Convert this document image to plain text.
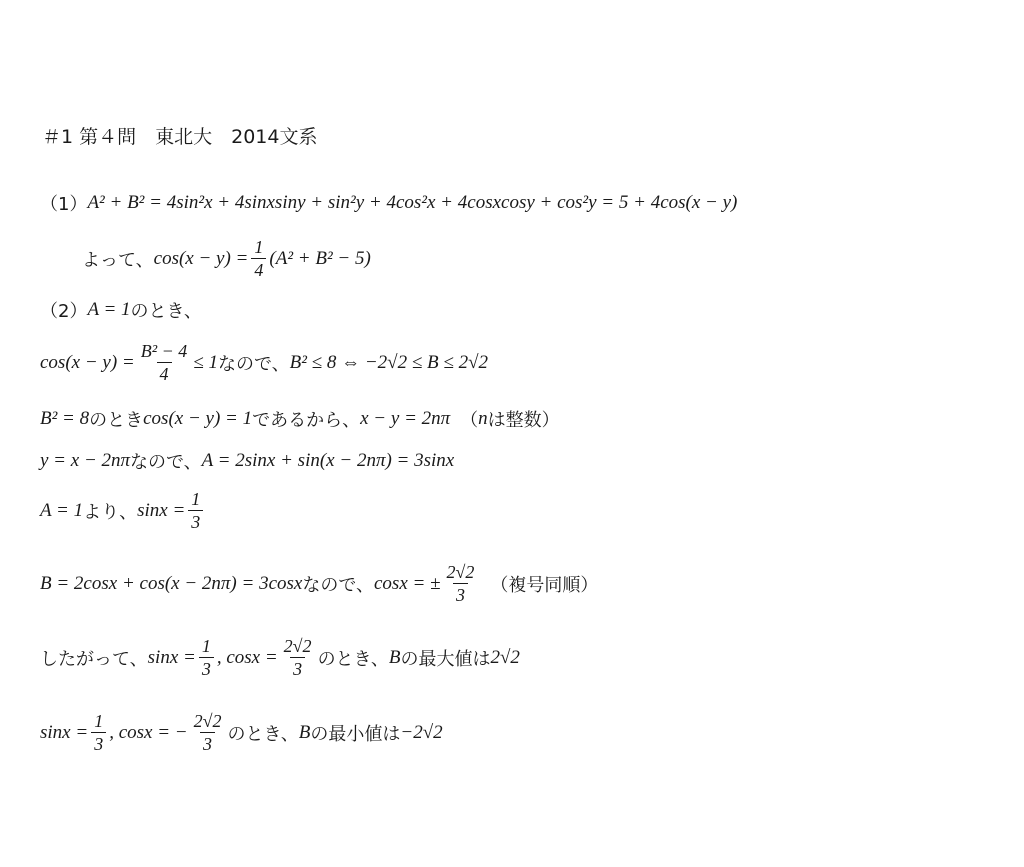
＃1 第４問　東北大　2014文系
（1） A² + B² = 4sin²x + 4sinxsiny + sin²y + 4cos²x + 4cosxcosy + cos²y = 5 + 4cos(x − y)
よって、 $\cos(x - y) = \frac{1}{4} (A^2 + B^2 - 5)$
（2） A = 1 のとき、
$\cos(x - y) = \frac{\text{B² − 4}}{4} \le 1$ なので、 B² ≤ 8 ⇔ −2√2 ≤ B ≤ 2√2
B² = 8 のとき cos(x − y) = 1 であるから、 x − y = 2nπ （ n は整数）
y = x − 2nπ なので、 A = 2sinx + sin(x − 2nπ) = 3sinx
A = 1 より、 $\sin x = \frac{1}{3}$
B = 2cosx + cos(x − 2nπ) = 3cosx なので、 cosx = ± $\frac{2√2}{3}$ （複号同順）
したがって、 $\sin x = \frac{1}{3}$ , $\cos x = \frac{2√2}{3}$ のとき、 B の最大値は 2√2
$\sin x = \frac{1}{3}$ , cosx = − $\frac{2√2}{3}$ のとき、 B の最小値は −2√2
